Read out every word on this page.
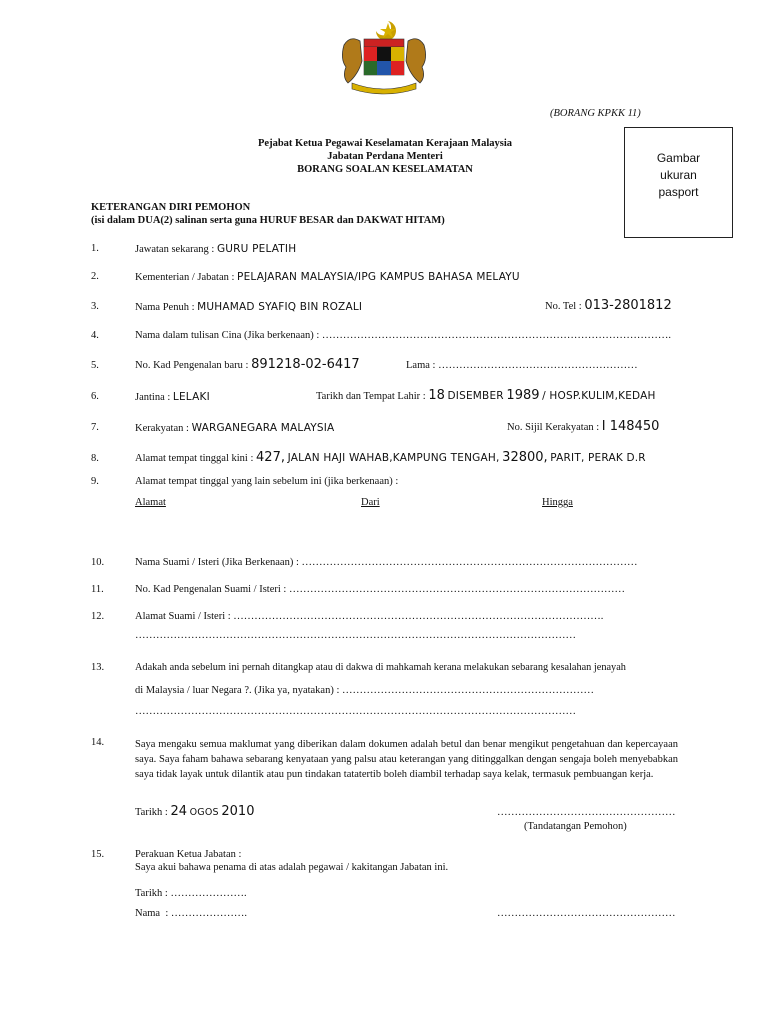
(BORANG KPKK 11)
Gambar
ukuran
pasport
Pejabat Ketua Pegawai Keselamatan Kerajaan Malaysia
Jabatan Perdana Menteri
BORANG SOALAN KESELAMATAN
KETERANGAN DIRI PEMOHON
(isi dalam DUA(2) salinan serta guna HURUF BESAR dan DAKWAT HITAM)
1.	Jawatan sekarang : GURU PELATIH
2.	Kementerian / Jabatan : PELAJARAN MALAYSIA/IPG KAMPUS BAHASA MELAYU
3.	Nama Penuh : MUHAMAD SYAFIQ BIN ROZALI	No. Tel : 013-2801812
4.	Nama dalam tulisan Cina (Jika berkenaan) : ……………………………………………………………………………………….
5.	No. Kad Pengenalan baru : 891218-02-6417	Lama : …………………………………………………
6.	Jantina : LELAKI	Tarikh dan Tempat Lahir : 18 DISEMBER 1989 / HOSP.KULIM,KEDAH
7.	Kerakyatan : WARGANEGARA MALAYSIA	No. Sijil Kerakyatan : I 148450
8.	Alamat tempat tinggal kini : 427, JALAN HAJI WAHAB,KAMPUNG TENGAH, 32800, PARIT, PERAK D.R
9.	Alamat tempat tinggal yang lain sebelum ini (jika berkenaan) :
Alamat	Dari	Hingga
10.	Nama Suami / Isteri (Jika Berkenaan) : ……………………………………………………………………………………
11.	No. Kad Pengenalan Suami / Isteri : ……………………………………………………………………………………
12.	Alamat Suami / Isteri : …………………………………………………………………………………………….
………………………………………………………………………………………………………………
13.	Adakah anda sebelum ini pernah ditangkap atau di dakwa di mahkamah kerana melakukan sebarang kesalahan jenayah
di Malaysia / luar Negara ?. (Jika ya, nyatakan) : ………………………………………………………………
………………………………………………………………………………………………………………
14.	Saya mengaku semua maklumat yang diberikan dalam dokumen adalah betul dan benar mengikut pengetahuan dan kepercayaan saya. Saya faham bahawa sebarang kenyataan yang palsu atau keterangan yang ditinggalkan dengan sengaja boleh menyebabkan saya tidak layak untuk dilantik atau pun tindakan tatatertib boleh diambil terhadap saya kelak, termasuk pembuangan kerja.
Tarikh : 24 OGOS 2010	……………………………………………
(Tandatangan Pemohon)
15.	Perakuan Ketua Jabatan :
Saya akui bahawa penama di atas adalah pegawai / kakitangan Jabatan ini.
Tarikh : ………………….
Nama : ………………….	……………………………………………
